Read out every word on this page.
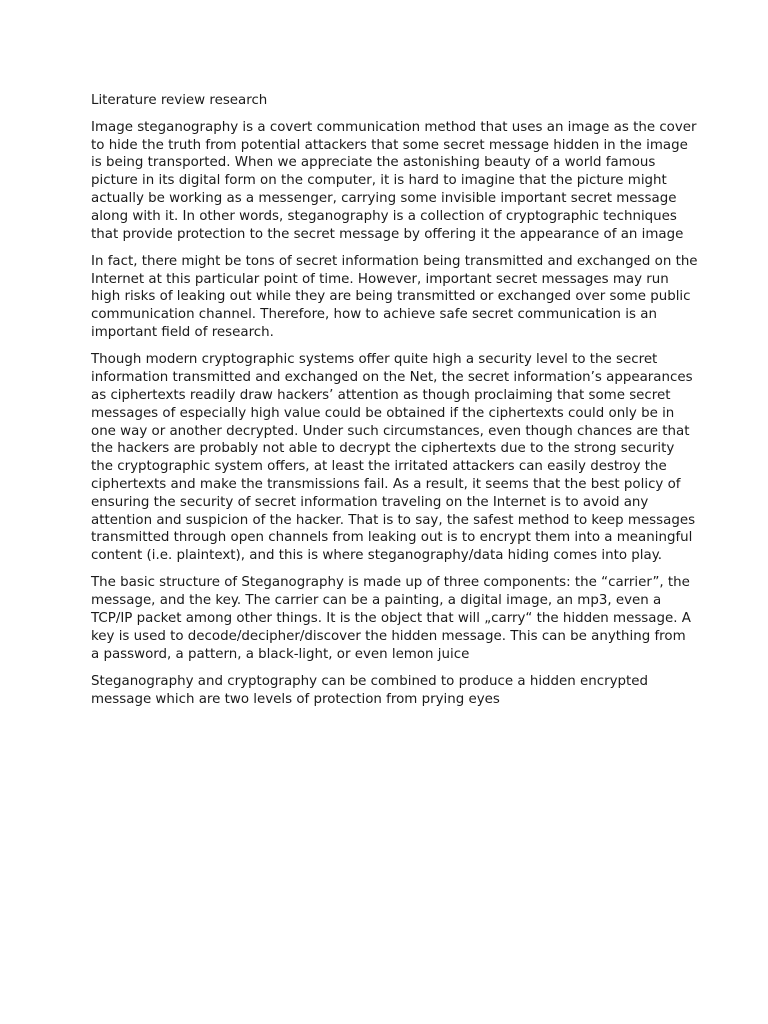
Literature review research

Image steganography is a covert communication method that uses an image as the cover to hide the truth from potential attackers that some secret message hidden in the image is being transported. When we appreciate the astonishing beauty of a world famous picture in its digital form on the computer, it is hard to imagine that the picture might actually be working as a messenger, carrying some invisible important secret message along with it. In other words, steganography is a collection of cryptographic techniques that provide protection to the secret message by offering it the appearance of an image

In fact, there might be tons of secret information being transmitted and exchanged on the Internet at this particular point of time. However, important secret messages may run high risks of leaking out while they are being transmitted or exchanged over some public communication channel. Therefore, how to achieve safe secret communication is an important field of research.

Though modern cryptographic systems offer quite high a security level to the secret information transmitted and exchanged on the Net, the secret information’s appearances as ciphertexts readily draw hackers’ attention as though proclaiming that some secret messages of especially high value could be obtained if the ciphertexts could only be in one way or another decrypted. Under such circumstances, even though chances are that the hackers are probably not able to decrypt the ciphertexts due to the strong security the cryptographic system offers, at least the irritated attackers can easily destroy the ciphertexts and make the transmissions fail. As a result, it seems that the best policy of ensuring the security of secret information traveling on the Internet is to avoid any attention and suspicion of the hacker. That is to say, the safest method to keep messages transmitted through open channels from leaking out is to encrypt them into a meaningful content (i.e. plaintext), and this is where steganography/data hiding comes into play.

The basic structure of Steganography is made up of three components: the “carrier”, the message, and the key. The carrier can be a painting, a digital image, an mp3, even a TCP/IP packet among other things. It is the object that will „carry“ the hidden message. A key is used to decode/decipher/discover the hidden message. This can be anything from a password, a pattern, a black-light, or even lemon juice

Steganography and cryptography can be combined to produce a hidden encrypted message which are two levels of protection from prying eyes
